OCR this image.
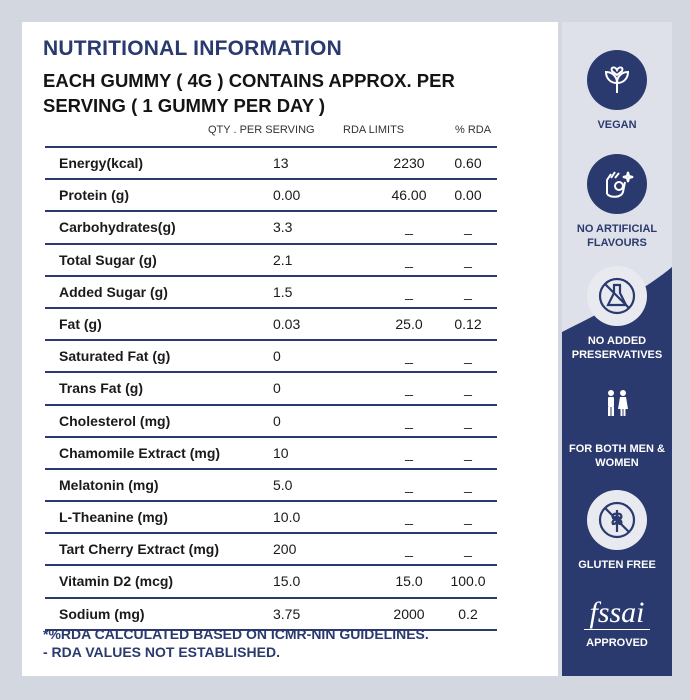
NUTRITIONAL INFORMATION
EACH GUMMY ( 4G ) CONTAINS APPROX. PER SERVING ( 1 GUMMY PER DAY )
QTY . PER SERVING	RDA LIMITS	% RDA
Energy(kcal)	13	2230	0.60
Protein (g)	0.00	46.00	0.00
Carbohydrates(g)	3.3	_	_
Total Sugar (g)	2.1	_	_
Added Sugar (g)	1.5	_	_
Fat (g)	0.03	25.0	0.12
Saturated Fat (g)	0	_	_
Trans Fat (g)	0	_	_
Cholesterol (mg)	0	_	_
Chamomile Extract (mg)	10	_	_
Melatonin (mg)	5.0	_	_
L-Theanine (mg)	10.0	_	_
Tart Cherry Extract (mg)	200	_	_
Vitamin D2 (mcg)	15.0	15.0	100.0
Sodium (mg)	3.75	2000	0.2
*%RDA CALCULATED BASED ON ICMR-NIN GUIDELINES.
- RDA VALUES NOT ESTABLISHED.
VEGAN
NO ARTIFICIAL FLAVOURS
NO ADDED PRESERVATIVES
FOR BOTH MEN & WOMEN
GLUTEN FREE
fssai
APPROVED
